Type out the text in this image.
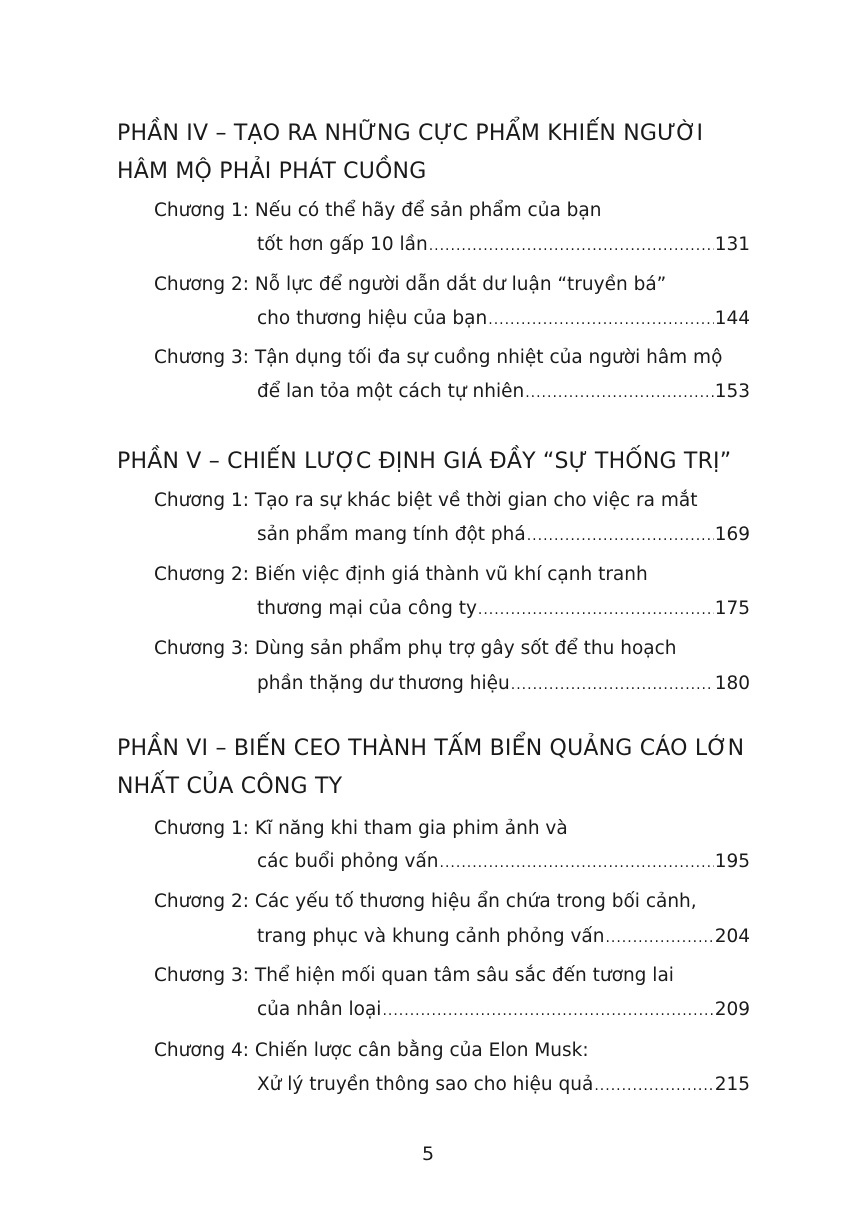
PHẦN IV – TẠO RA NHỮNG CỰC PHẨM KHIẾN NGƯỜI
HÂM MỘ PHẢI PHÁT CUỒNG
Chương 1: Nếu có thể hãy để sản phẩm của bạn
tốt hơn gấp 10 lần .....	131
Chương 2: Nỗ lực để người dẫn dắt dư luận “truyền bá”
cho thương hiệu của bạn .....	144
Chương 3: Tận dụng tối đa sự cuồng nhiệt của người hâm mộ
để lan tỏa một cách tự nhiên .....	153
PHẦN V – CHIẾN LƯỢC ĐỊNH GIÁ ĐẦY “SỰ THỐNG TRỊ”
Chương 1: Tạo ra sự khác biệt về thời gian cho việc ra mắt
sản phẩm mang tính đột phá .....	169
Chương 2: Biến việc định giá thành vũ khí cạnh tranh
thương mại của công ty .....	175
Chương 3: Dùng sản phẩm phụ trợ gây sốt để thu hoạch
phần thặng dư thương hiệu .....	180
PHẦN VI – BIẾN CEO THÀNH TẤM BIỂN QUẢNG CÁO LỚN
NHẤT CỦA CÔNG TY
Chương 1: Kĩ năng khi tham gia phim ảnh và
các buổi phỏng vấn .....	195
Chương 2: Các yếu tố thương hiệu ẩn chứa trong bối cảnh,
trang phục và khung cảnh phỏng vấn .....	204
Chương 3: Thể hiện mối quan tâm sâu sắc đến tương lai
của nhân loại .....	209
Chương 4: Chiến lược cân bằng của Elon Musk:
Xử lý truyền thông sao cho hiệu quả .....	215
5
